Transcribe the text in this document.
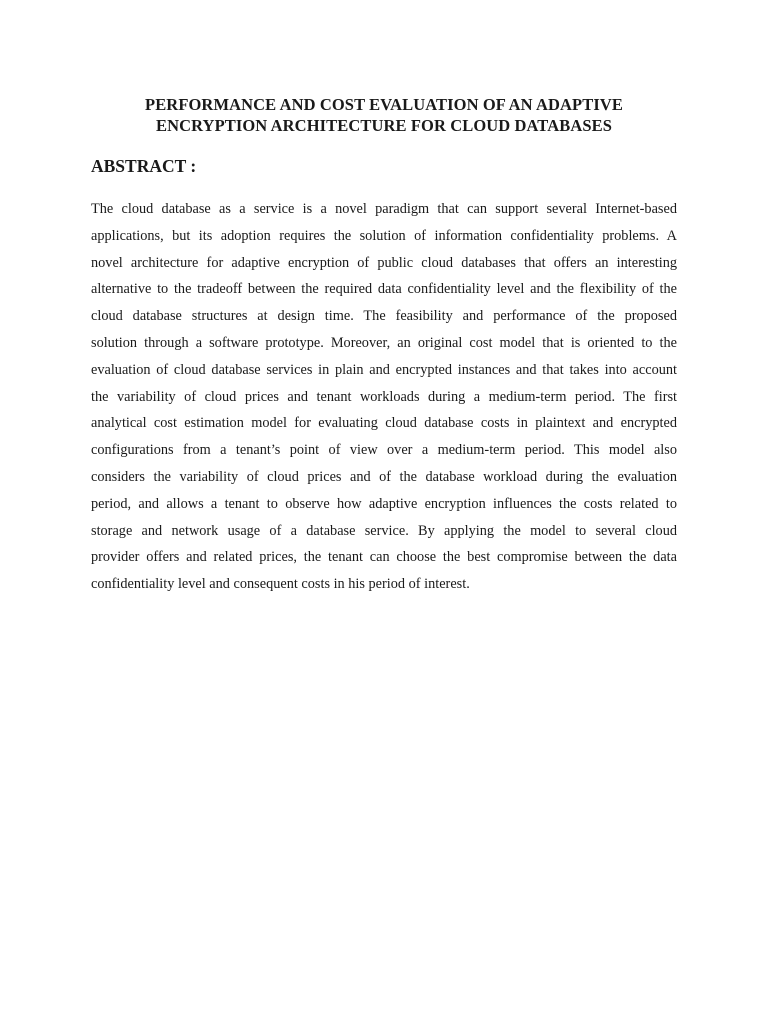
PERFORMANCE AND COST EVALUATION OF AN ADAPTIVE
ENCRYPTION ARCHITECTURE FOR CLOUD DATABASES
ABSTRACT :

The cloud database as a service is a novel paradigm that can support several Internet-based
applications, but its adoption requires the solution of information confidentiality problems. A
novel architecture for adaptive encryption of public cloud databases that offers an interesting
alternative to the tradeoff between the required data confidentiality level and the flexibility of the
cloud database structures at design time. The feasibility and performance of the proposed
solution through a software prototype. Moreover, an original cost model that is oriented to the
evaluation of cloud database services in plain and encrypted instances and that takes into account
the variability of cloud prices and tenant workloads during a medium-term period. The first
analytical cost estimation model for evaluating cloud database costs in plaintext and encrypted
configurations from a tenant’s point of view over a medium-term period. This model also
considers the variability of cloud prices and of the database workload during the evaluation
period, and allows a tenant to observe how adaptive encryption influences the costs related to
storage and network usage of a database service. By applying the model to several cloud
provider offers and related prices, the tenant can choose the best compromise between the data
confidentiality level and consequent costs in his period of interest.
